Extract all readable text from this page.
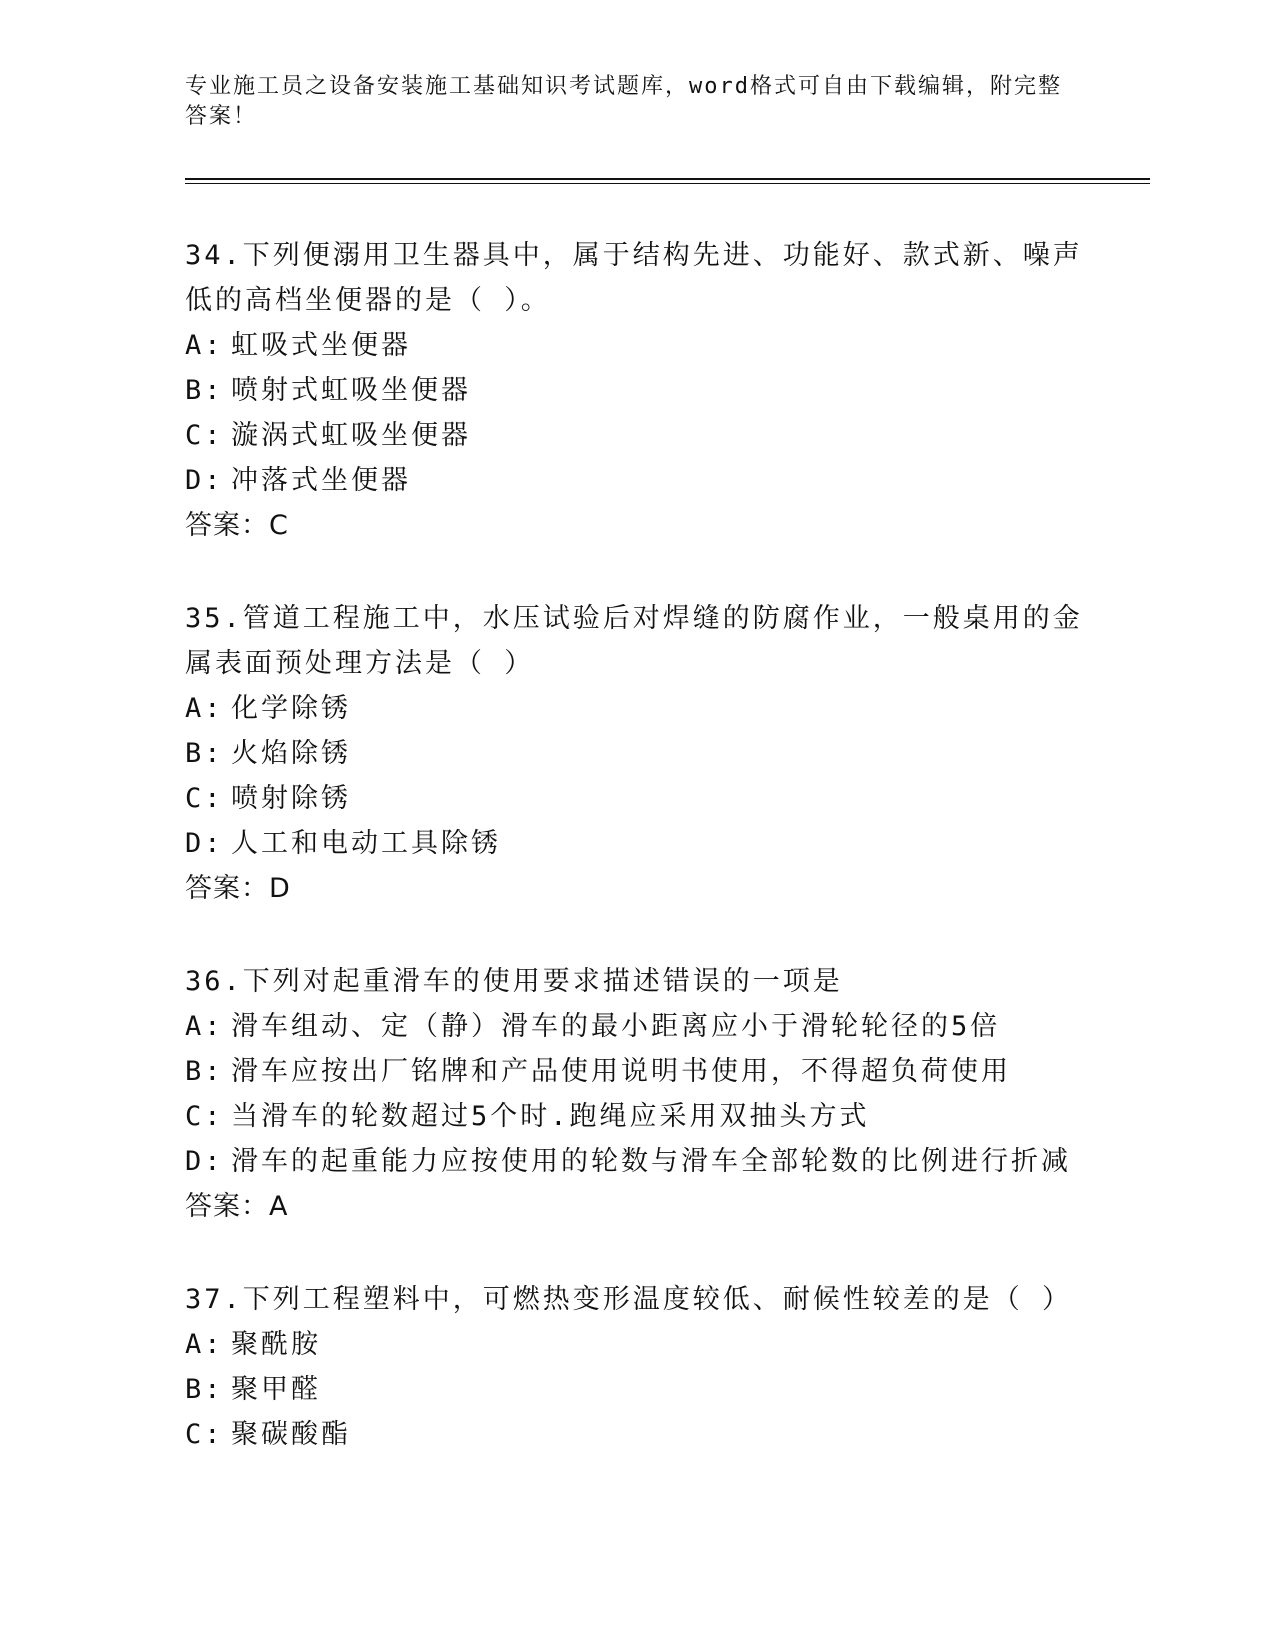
专业施工员之设备安装施工基础知识考试题库，word格式可自由下载编辑，附完整答案！
34.下列便溺用卫生器具中，属于结构先进、功能好、款式新、噪声低的高档坐便器的是（ ）。
A: 虹吸式坐便器
B: 喷射式虹吸坐便器
C: 漩涡式虹吸坐便器
D: 冲落式坐便器
答案：C
35.管道工程施工中，水压试验后对焊缝的防腐作业，一般桌用的金属表面预处理方法是（ ）
A: 化学除锈
B: 火焰除锈
C: 喷射除锈
D: 人工和电动工具除锈
答案：D
36.下列对起重滑车的使用要求描述错误的一项是
A: 滑车组动、定（静）滑车的最小距离应小于滑轮轮径的5倍
B: 滑车应按出厂铭牌和产品使用说明书使用，不得超负荷使用
C: 当滑车的轮数超过5个时.跑绳应采用双抽头方式
D: 滑车的起重能力应按使用的轮数与滑车全部轮数的比例进行折减
答案：A
37.下列工程塑料中，可燃热变形温度较低、耐候性较差的是（ ）
A: 聚酰胺
B: 聚甲醛
C: 聚碳酸酯
